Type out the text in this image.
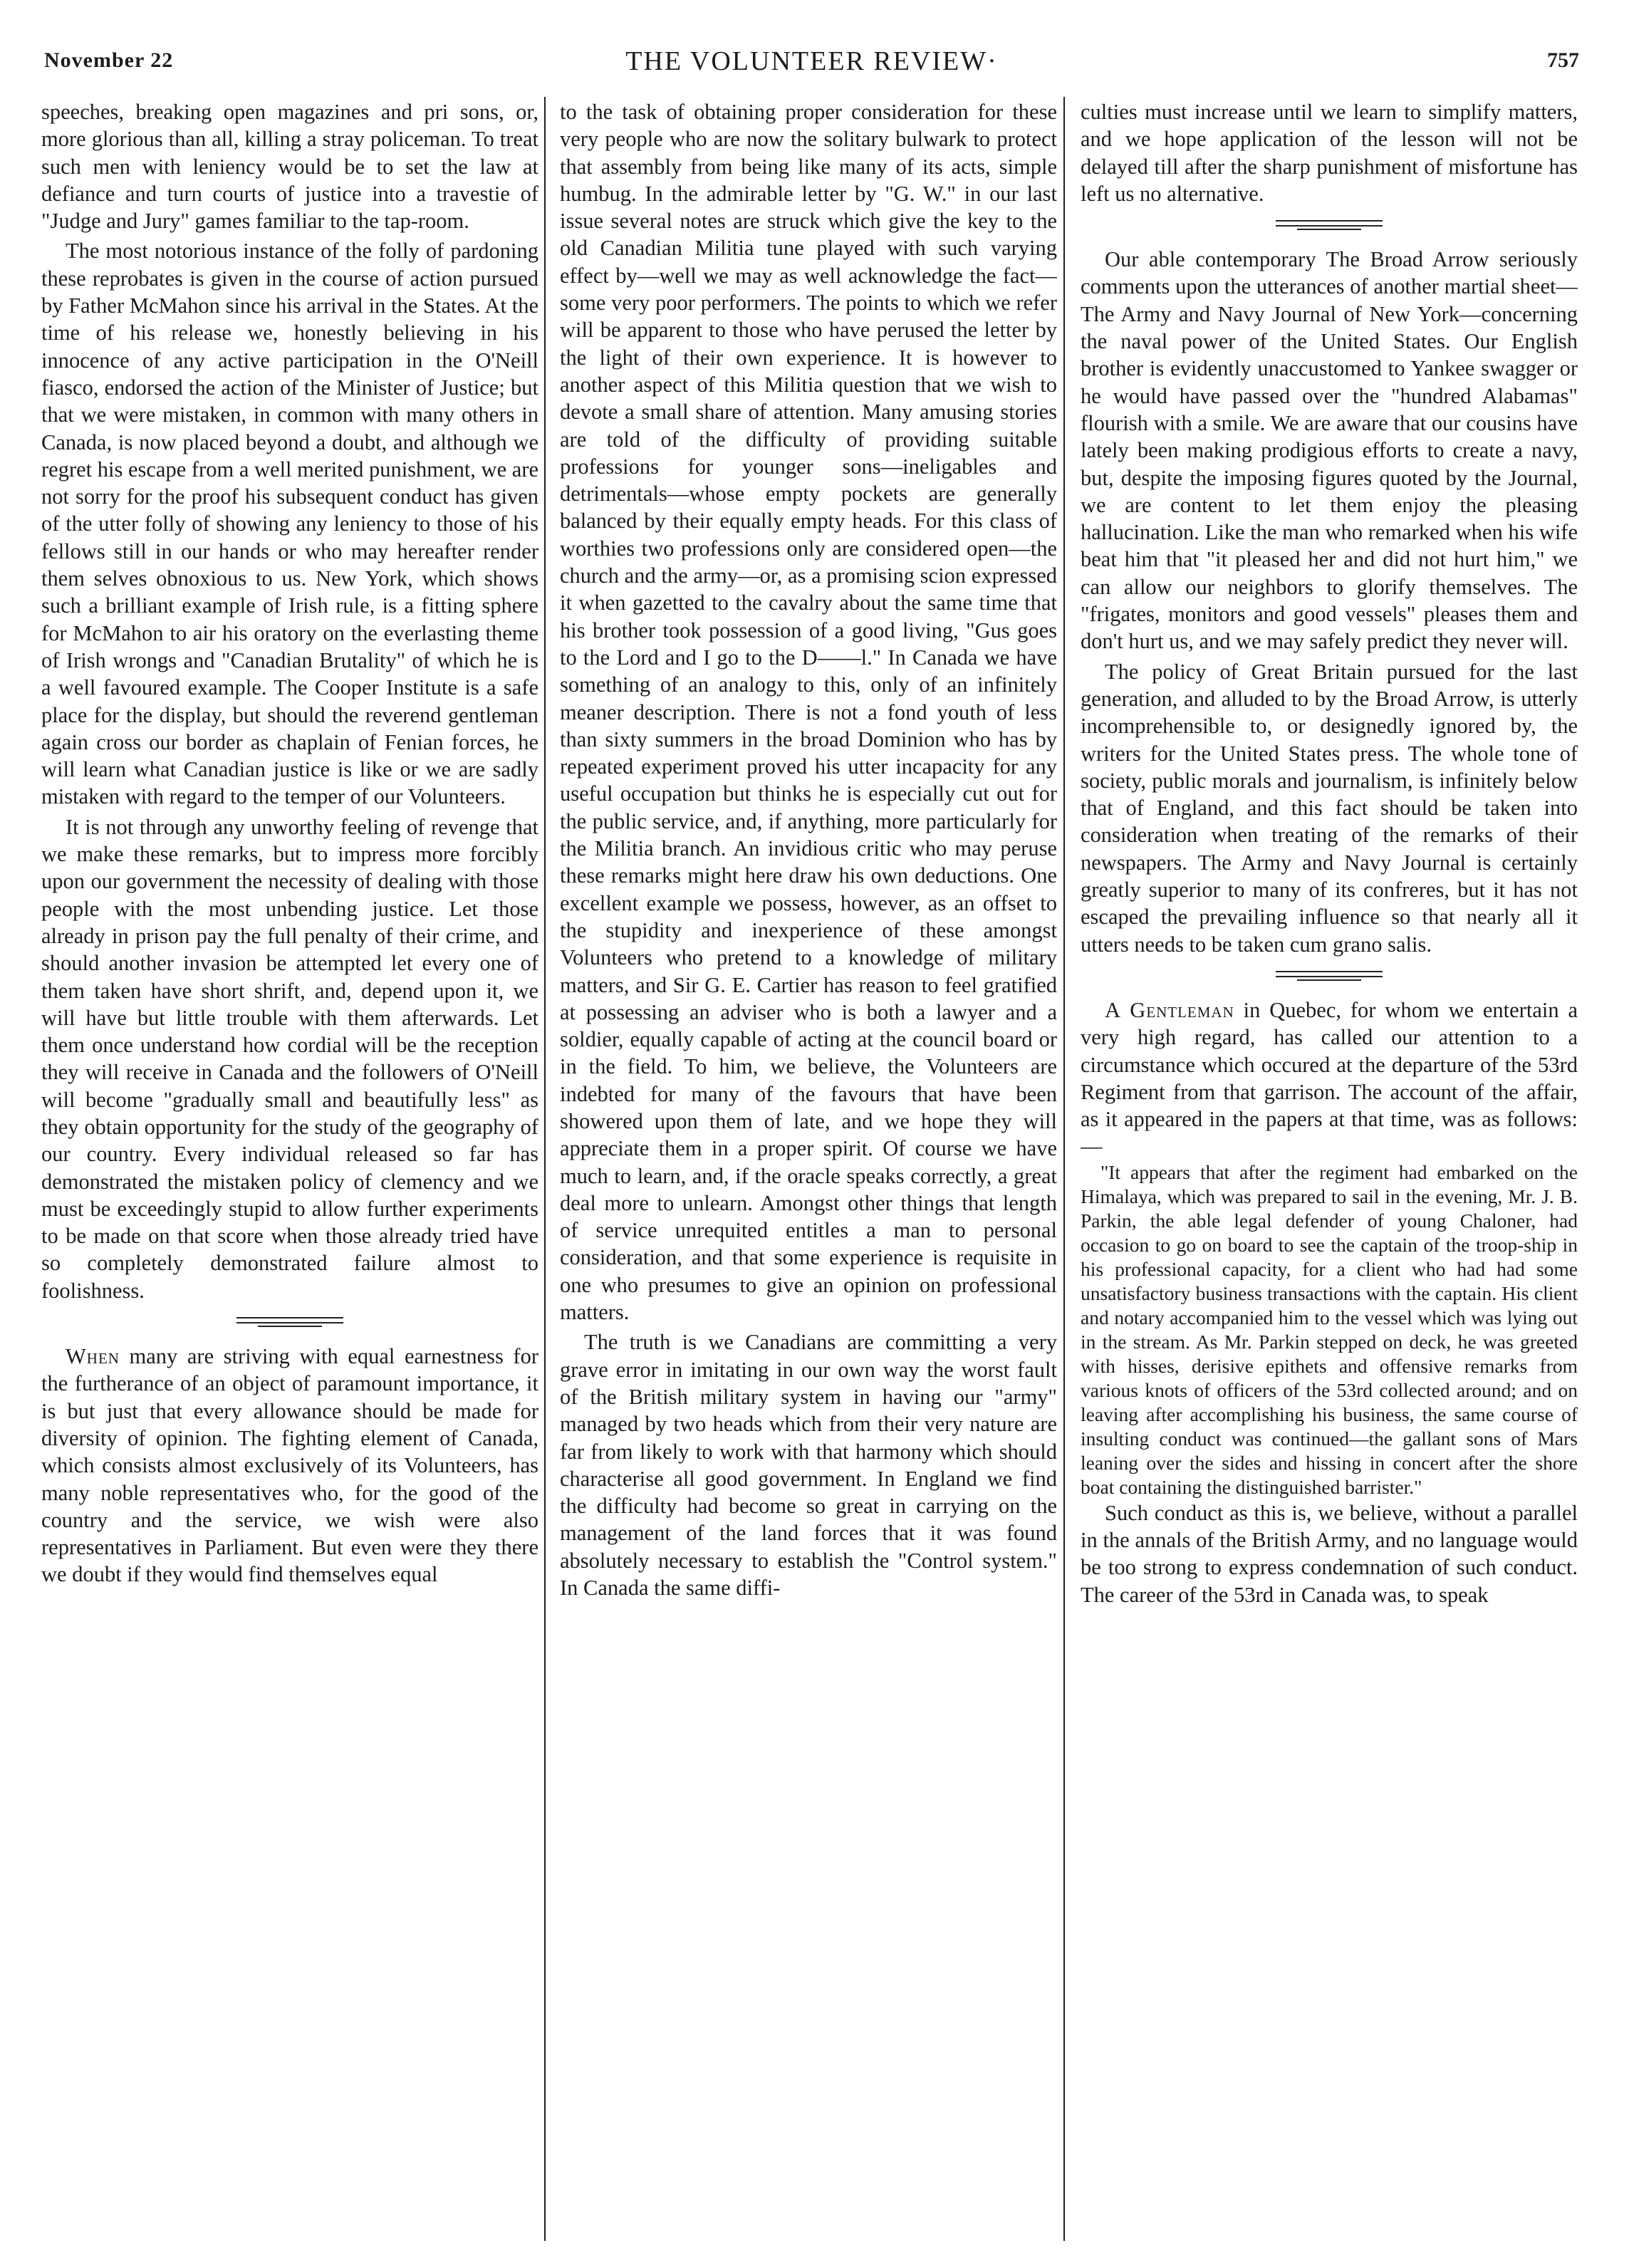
November 22	THE VOLUNTEER REVIEW·	757

speeches, breaking open magazines and pri sons, or, more glorious than all, killing a stray policeman. To treat such men with leniency would be to set the law at defiance and turn courts of justice into a travestie of "Judge and Jury" games familiar to the tap-room.

The most notorious instance of the folly of pardoning these reprobates is given in the course of action pursued by Father McMahon since his arrival in the States. At the time of his release we, honestly believing in his innocence of any active participation in the O'Neill fiasco, endorsed the action of the Minister of Justice; but that we were mistaken, in common with many others in Canada, is now placed beyond a doubt, and although we regret his escape from a well merited punishment, we are not sorry for the proof his subsequent conduct has given of the utter folly of showing any leniency to those of his fellows still in our hands or who may hereafter render them selves obnoxious to us. New York, which shows such a brilliant example of Irish rule, is a fitting sphere for McMahon to air his oratory on the everlasting theme of Irish wrongs and "Canadian Brutality" of which he is a well favoured example. The Cooper Institute is a safe place for the display, but should the reverend gentleman again cross our border as chaplain of Fenian forces, he will learn what Canadian justice is like or we are sadly mistaken with regard to the temper of our Volunteers.

It is not through any unworthy feeling of revenge that we make these remarks, but to impress more forcibly upon our government the necessity of dealing with those people with the most unbending justice. Let those already in prison pay the full penalty of their crime, and should another invasion be attempted let every one of them taken have short shrift, and, depend upon it, we will have but little trouble with them afterwards. Let them once understand how cordial will be the reception they will receive in Canada and the followers of O'Neill will become "gradually small and beautifully less" as they obtain opportunity for the study of the geography of our country. Every individual released so far has demonstrated the mistaken policy of clemency and we must be exceedingly stupid to allow further experiments to be made on that score when those already tried have so completely demonstrated failure almost to foolishness.

When many are striving with equal earnestness for the furtherance of an object of paramount importance, it is but just that every allowance should be made for diversity of opinion. The fighting element of Canada, which consists almost exclusively of its Volunteers, has many noble representatives who, for the good of the country and the service, we wish were also representatives in Parliament. But even were they there we doubt if they would find themselves equal

to the task of obtaining proper consideration for these very people who are now the solitary bulwark to protect that assembly from being like many of its acts, simple humbug. In the admirable letter by "G. W." in our last issue several notes are struck which give the key to the old Canadian Militia tune played with such varying effect by—well we may as well acknowledge the fact—some very poor performers. The points to which we refer will be apparent to those who have perused the letter by the light of their own experience. It is however to another aspect of this Militia question that we wish to devote a small share of attention. Many amusing stories are told of the difficulty of providing suitable professions for younger sons—ineligables and detrimentals—whose empty pockets are generally balanced by their equally empty heads. For this class of worthies two professions only are considered open—the church and the army—or, as a promising scion expressed it when gazetted to the cavalry about the same time that his brother took possession of a good living, "Gus goes to the Lord and I go to the D——l." In Canada we have something of an analogy to this, only of an infinitely meaner description. There is not a fond youth of less than sixty summers in the broad Dominion who has by repeated experiment proved his utter incapacity for any useful occupation but thinks he is especially cut out for the public service, and, if anything, more particularly for the Militia branch. An invidious critic who may peruse these remarks might here draw his own deductions. One excellent example we possess, however, as an offset to the stupidity and inexperience of these amongst Volunteers who pretend to a knowledge of military matters, and Sir G. E. Cartier has reason to feel gratified at possessing an adviser who is both a lawyer and a soldier, equally capable of acting at the council board or in the field. To him, we believe, the Volunteers are indebted for many of the favours that have been showered upon them of late, and we hope they will appreciate them in a proper spirit. Of course we have much to learn, and, if the oracle speaks correctly, a great deal more to unlearn. Amongst other things that length of service unrequited entitles a man to personal consideration, and that some experience is requisite in one who presumes to give an opinion on professional matters.

The truth is we Canadians are committing a very grave error in imitating in our own way the worst fault of the British military system in having our "army" managed by two heads which from their very nature are far from likely to work with that harmony which should characterise all good government. In England we find the difficulty had become so great in carrying on the management of the land forces that it was found absolutely necessary to establish the "Control system." In Canada the same diffi-

culties must increase until we learn to simplify matters, and we hope application of the lesson will not be delayed till after the sharp punishment of misfortune has left us no alternative.

Our able contemporary The Broad Arrow seriously comments upon the utterances of another martial sheet—The Army and Navy Journal of New York—concerning the naval power of the United States. Our English brother is evidently unaccustomed to Yankee swagger or he would have passed over the "hundred Alabamas" flourish with a smile. We are aware that our cousins have lately been making prodigious efforts to create a navy, but, despite the imposing figures quoted by the Journal, we are content to let them enjoy the pleasing hallucination. Like the man who remarked when his wife beat him that "it pleased her and did not hurt him," we can allow our neighbors to glorify themselves. The "frigates, monitors and good vessels" pleases them and don't hurt us, and we may safely predict they never will.

The policy of Great Britain pursued for the last generation, and alluded to by the Broad Arrow, is utterly incomprehensible to, or designedly ignored by, the writers for the United States press. The whole tone of society, public morals and journalism, is infinitely below that of England, and this fact should be taken into consideration when treating of the remarks of their newspapers. The Army and Navy Journal is certainly greatly superior to many of its confreres, but it has not escaped the prevailing influence so that nearly all it utters needs to be taken cum grano salis.

A Gentleman in Quebec, for whom we entertain a very high regard, has called our attention to a circumstance which occured at the departure of the 53rd Regiment from that garrison. The account of the affair, as it appeared in the papers at that time, was as follows:—

"It appears that after the regiment had embarked on the Himalaya, which was prepared to sail in the evening, Mr. J. B. Parkin, the able legal defender of young Chaloner, had occasion to go on board to see the captain of the troop-ship in his professional capacity, for a client who had had some unsatisfactory business transactions with the captain. His client and notary accompanied him to the vessel which was lying out in the stream. As Mr. Parkin stepped on deck, he was greeted with hisses, derisive epithets and offensive remarks from various knots of officers of the 53rd collected around; and on leaving after accomplishing his business, the same course of insulting conduct was continued—the gallant sons of Mars leaning over the sides and hissing in concert after the shore boat containing the distinguished barrister."

Such conduct as this is, we believe, without a parallel in the annals of the British Army, and no language would be too strong to express condemnation of such conduct. The career of the 53rd in Canada was, to speak
